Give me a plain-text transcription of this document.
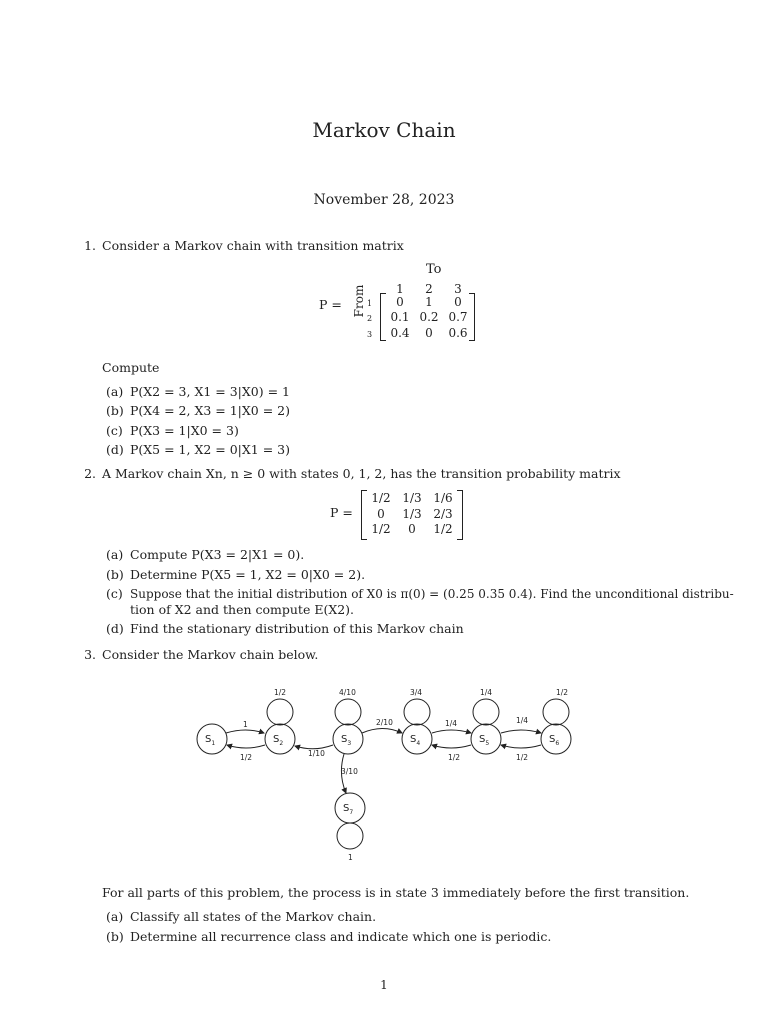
Markov Chain
November 28, 2023
1. Consider a Markov chain with transition matrix
To
P = From	1	2	3
1
2
3
0	1	0
0.1 0.2 0.7
0.4	0	0.6
Compute
(a) P(X2 = 3, X1 = 3|X0) = 1
(b) P(X4 = 2, X3 = 1|X0 = 2)
(c) P(X3 = 1|X0 = 3)
(d) P(X5 = 1, X2 = 0|X1 = 3)
2. A Markov chain Xn, n ≥ 0 with states 0, 1, 2, has the transition probability matrix
P =
1/2 1/3 1/6
0	1/3 2/3
1/2	0	1/2
(a) Compute P(X3 = 2|X1 = 0).
(b) Determine P(X5 = 1, X2 = 0|X0 = 2).
(c) Suppose that the initial distribution of X0 is π(0) = (0.25 0.35 0.4). Find the unconditional distribu-
tion of X2 and then compute E(X2).
(d) Find the stationary distribution of this Markov chain
3. Consider the Markov chain below.
$S_1$	$S_2$	$S_3$	$S_4$	$S_5$	$S_6$
$S_7$
1/2	4/10	3/4	1/4	1/2
1
1
1/2	1/10
2/10	1/4
1/2
1/4
1/2
3/10
For all parts of this problem, the process is in state 3 immediately before the first transition.
(a) Classify all states of the Markov chain.
(b) Determine all recurrence class and indicate which one is periodic.
1
